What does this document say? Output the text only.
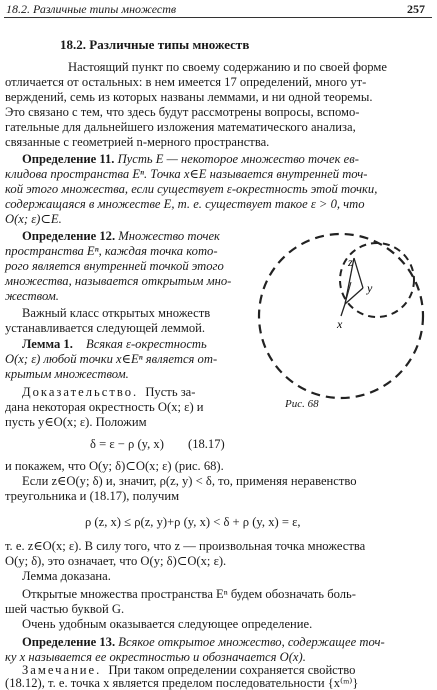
18.2. Различные типы множеств	257
18.2. Различные типы множеств
Настоящий пункт по своему содержанию и по своей форме
отличается от остальных: в нем имеется 17 определений, много ут-
верждений, семь из которых названы леммами, и ни одной теоремы.
Это связано с тем, что здесь будут рассмотрены вопросы, вспомо-
гательные для дальнейшего изложения математического анализа,
связанные с геометрией n-мерного пространства.
Определение 11. Пусть E — некоторое множество точек ев-
клидова пространства Eⁿ. Точка x∈E называется внутренней точ-
кой этого множества, если существует ε-окрестность этой точки,
содержащаяся в множестве E, т. е. существует такое ε > 0, что
O(x; ε)⊂E.
Определение 12. Множество точек
пространства Eⁿ, каждая точка кото-
рого является внутренней точкой этого
множества, называется открытым мно-
жеством.
Важный класс открытых множеств
устанавливается следующей леммой.
Лемма 1. Всякая ε-окрестность
O(x; ε) любой точки x∈Eⁿ является от-
крытым множеством.
Доказательство. Пусть за-
дана некоторая окрестность O(x; ε) и
пусть y∈O(x; ε). Положим
δ = ε − ρ (y, x) (18.17)
и покажем, что O(y; δ)⊂O(x; ε) (рис. 68).
Если z∈O(y; δ) и, значит, ρ(z, y) < δ, то, применяя неравенство
треугольника и (18.17), получим
ρ (z, x) ≤ ρ(z, y)+ρ (y, x) < δ + ρ (y, x) = ε,
т. е. z∈O(x; ε). В силу того, что z — произвольная точка множества
O(y; δ), это означает, что O(y; δ)⊂O(x; ε).
Лемма доказана.
Открытые множества пространства Eⁿ будем обозначать боль-
шей частью буквой G.
Очень удобным оказывается следующее определение.
Определение 13. Всякое открытое множество, содержащее точ-
ку x называется ее окрестностью и обозначается O(x).
Замечание. При таком определении сохраняется свойство
(18.12), т. е. точка x является пределом последовательности {x⁽ᵐ⁾}
z
y
x
Рис. 68
